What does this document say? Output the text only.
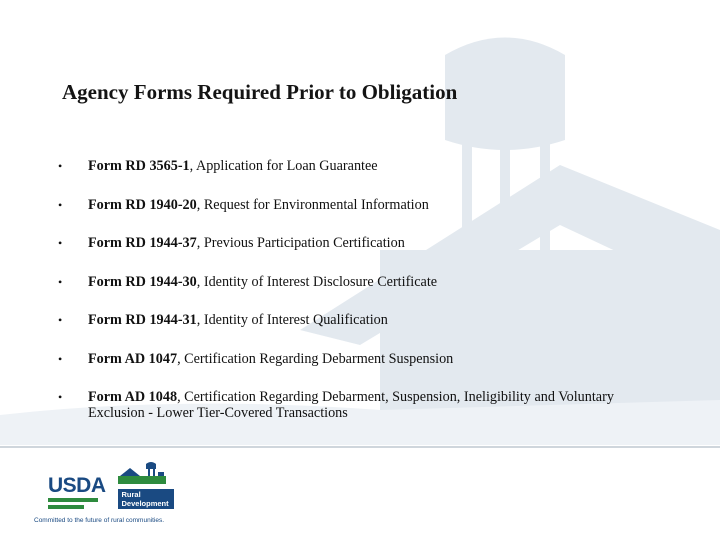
Agency Forms Required Prior to Obligation
• Form RD 3565-1, Application for Loan Guarantee
• Form RD 1940-20, Request for Environmental Information
• Form RD 1944-37, Previous Participation Certification
• Form RD 1944-30, Identity of Interest Disclosure Certificate
• Form RD 1944-31, Identity of Interest Qualification
• Form AD 1047, Certification Regarding Debarment Suspension
• Form AD 1048, Certification Regarding Debarment, Suspension, Ineligibility and Voluntary Exclusion - Lower Tier-Covered Transactions
USDA	Rural Development
Committed to the future of rural communities.
